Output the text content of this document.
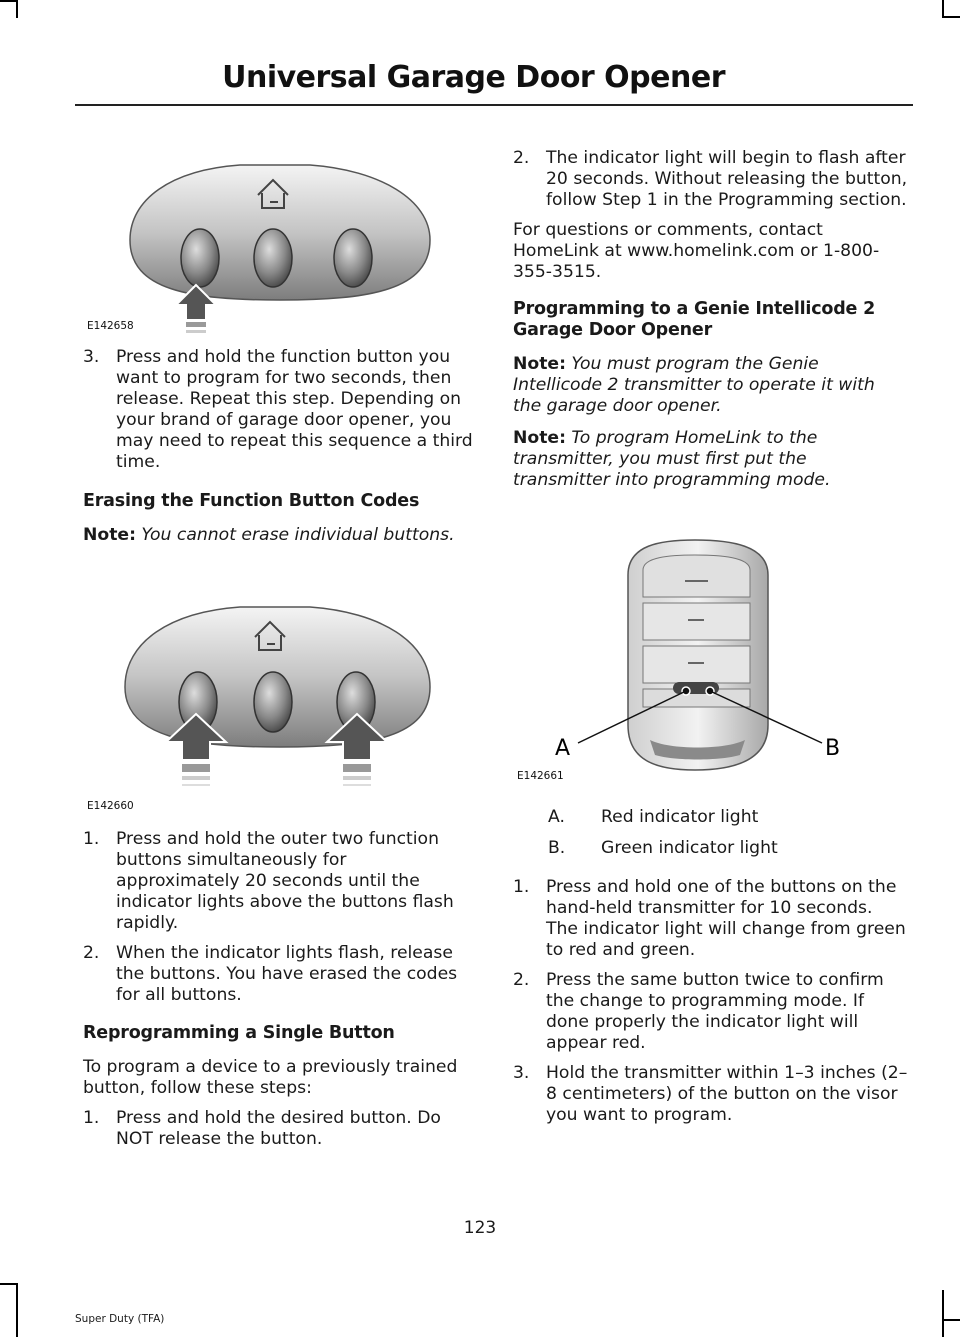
Universal Garage Door Opener
E142658
3. Press and hold the function button you want to program for two seconds, then release. Repeat this step. Depending on your brand of garage door opener, you may need to repeat this sequence a third time.

Erasing the Function Button Codes

Note: You cannot erase individual buttons.

E142660
1. Press and hold the outer two function buttons simultaneously for approximately 20 seconds until the indicator lights above the buttons flash rapidly.
2. When the indicator lights flash, release the buttons. You have erased the codes for all buttons.

Reprogramming a Single Button

To program a device to a previously trained button, follow these steps:

1. Press and hold the desired button. Do NOT release the button.
2. The indicator light will begin to flash after 20 seconds. Without releasing the button, follow Step 1 in the Programming section.

For questions or comments, contact HomeLink at www.homelink.com or 1-800-355-3515.

Programming to a Genie Intellicode 2 Garage Door Opener

Note: You must program the Genie Intellicode 2 transmitter to operate it with the garage door opener.

Note: To program HomeLink to the transmitter, you must first put the transmitter into programming mode.

A	B
E142661
A.	Red indicator light
B.	Green indicator light
1. Press and hold one of the buttons on the hand-held transmitter for 10 seconds. The indicator light will change from green to red and green.
2. Press the same button twice to confirm the change to programming mode. If done properly the indicator light will appear red.
3. Hold the transmitter within 1–3 inches (2–8 centimeters) of the button on the visor you want to program.
123
Super Duty (TFA)
